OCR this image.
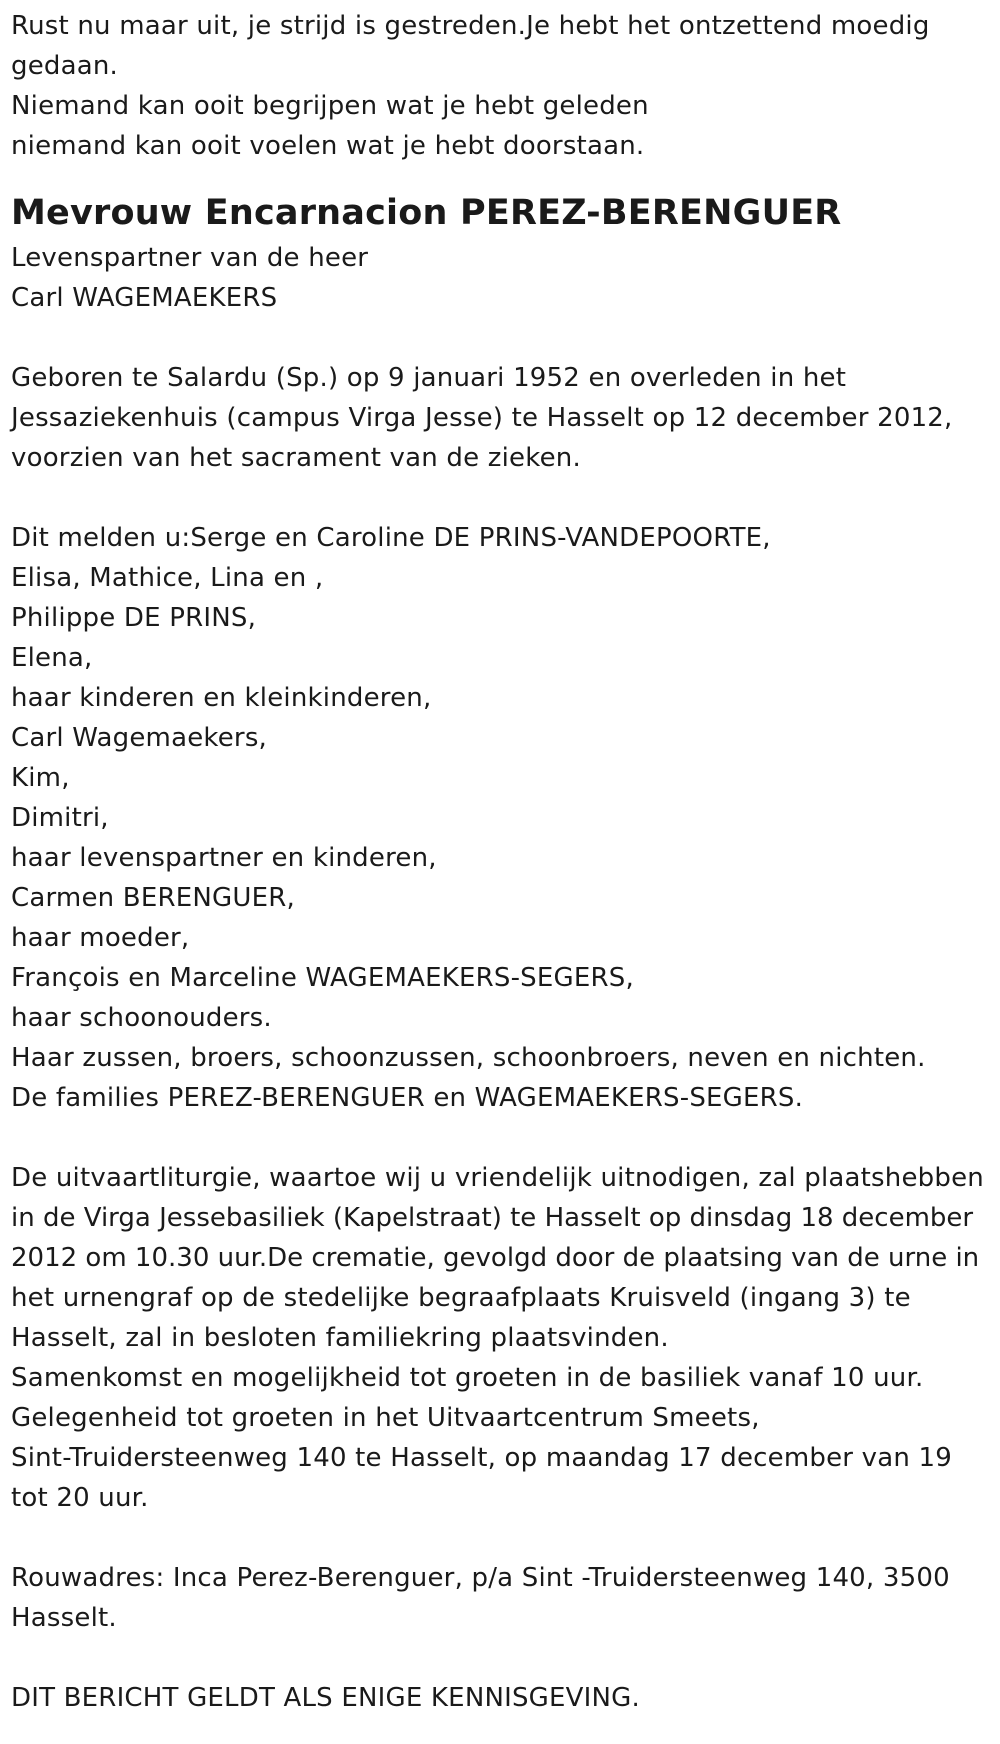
Rust nu maar uit, je strijd is gestreden.Je hebt het ontzettend moedig
gedaan.
Niemand kan ooit begrijpen wat je hebt geleden
niemand kan ooit voelen wat je hebt doorstaan.
Mevrouw Encarnacion PEREZ-BERENGUER
Levenspartner van de heer
Carl WAGEMAEKERS
Geboren te Salardu (Sp.) op 9 januari 1952 en overleden in het
Jessaziekenhuis (campus Virga Jesse) te Hasselt op 12 december 2012,
voorzien van het sacrament van de zieken.
Dit melden u:Serge en Caroline DE PRINS-VANDEPOORTE,
Elisa, Mathice, Lina en ,
Philippe DE PRINS,
Elena,
haar kinderen en kleinkinderen,
Carl Wagemaekers,
Kim,
Dimitri,
haar levenspartner en kinderen,
Carmen BERENGUER,
haar moeder,
François en Marceline WAGEMAEKERS-SEGERS,
haar schoonouders.
Haar zussen, broers, schoonzussen, schoonbroers, neven en nichten.
De families PEREZ-BERENGUER en WAGEMAEKERS-SEGERS.
De uitvaartliturgie, waartoe wij u vriendelijk uitnodigen, zal plaatshebben
in de Virga Jessebasiliek (Kapelstraat) te Hasselt op dinsdag 18 december
2012 om 10.30 uur.De crematie, gevolgd door de plaatsing van de urne in
het urnengraf op de stedelijke begraafplaats Kruisveld (ingang 3) te
Hasselt, zal in besloten familiekring plaatsvinden.
Samenkomst en mogelijkheid tot groeten in de basiliek vanaf 10 uur.
Gelegenheid tot groeten in het Uitvaartcentrum Smeets,
Sint-Truidersteenweg 140 te Hasselt, op maandag 17 december van 19
tot 20 uur.
Rouwadres: Inca Perez-Berenguer, p/a Sint -Truidersteenweg 140, 3500
Hasselt.
DIT BERICHT GELDT ALS ENIGE KENNISGEVING.
